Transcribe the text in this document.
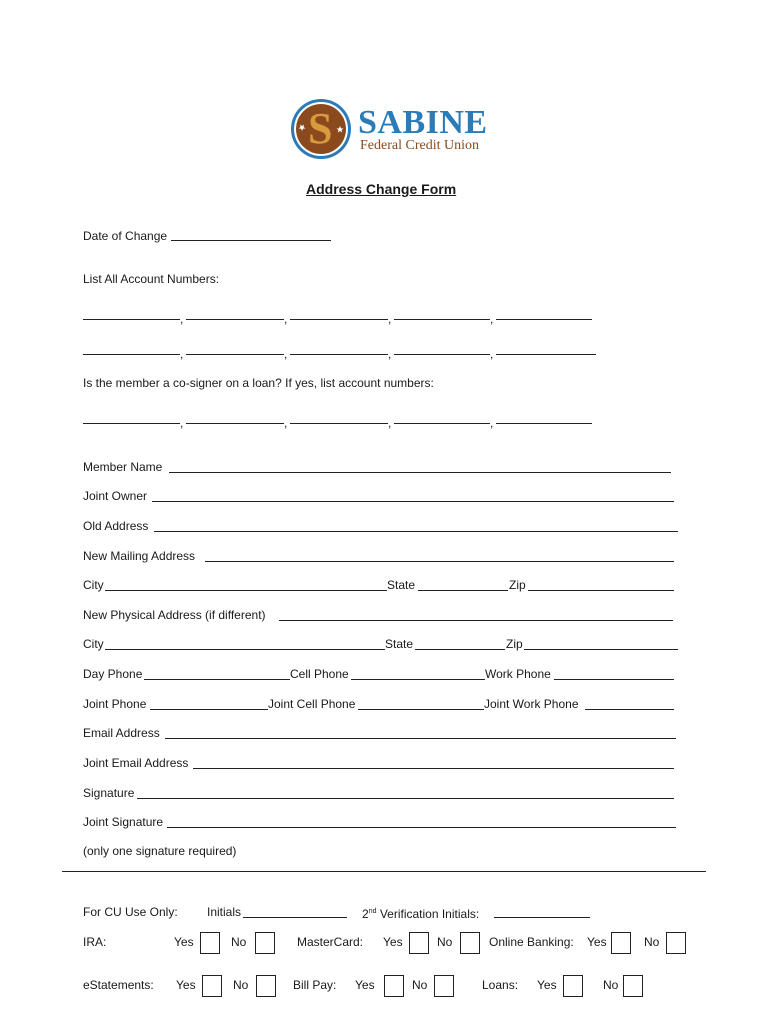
S SABINE
Federal Credit Union
Address Change Form
Date of Change
List All Account Numbers:
,	,	,	,
,	,	,	,
Is the member a co-signer on a loan? If yes, list account numbers:
,	,	,	,
Member Name
Joint Owner
Old Address
New Mailing Address
City	State	Zip
New Physical Address (if different)
City	State	Zip
Day Phone	Cell Phone	Work Phone
Joint Phone	Joint Cell Phone	Joint Work Phone
Email Address
Joint Email Address
Signature
Joint Signature
(only one signature required)
For CU Use Only: Initials	2nd Verification Initials:
IRA:	Yes	No	MasterCard: Yes	No	Online Banking: Yes	No
eStatements: Yes	No	Bill Pay: Yes	No	Loans: Yes	No
